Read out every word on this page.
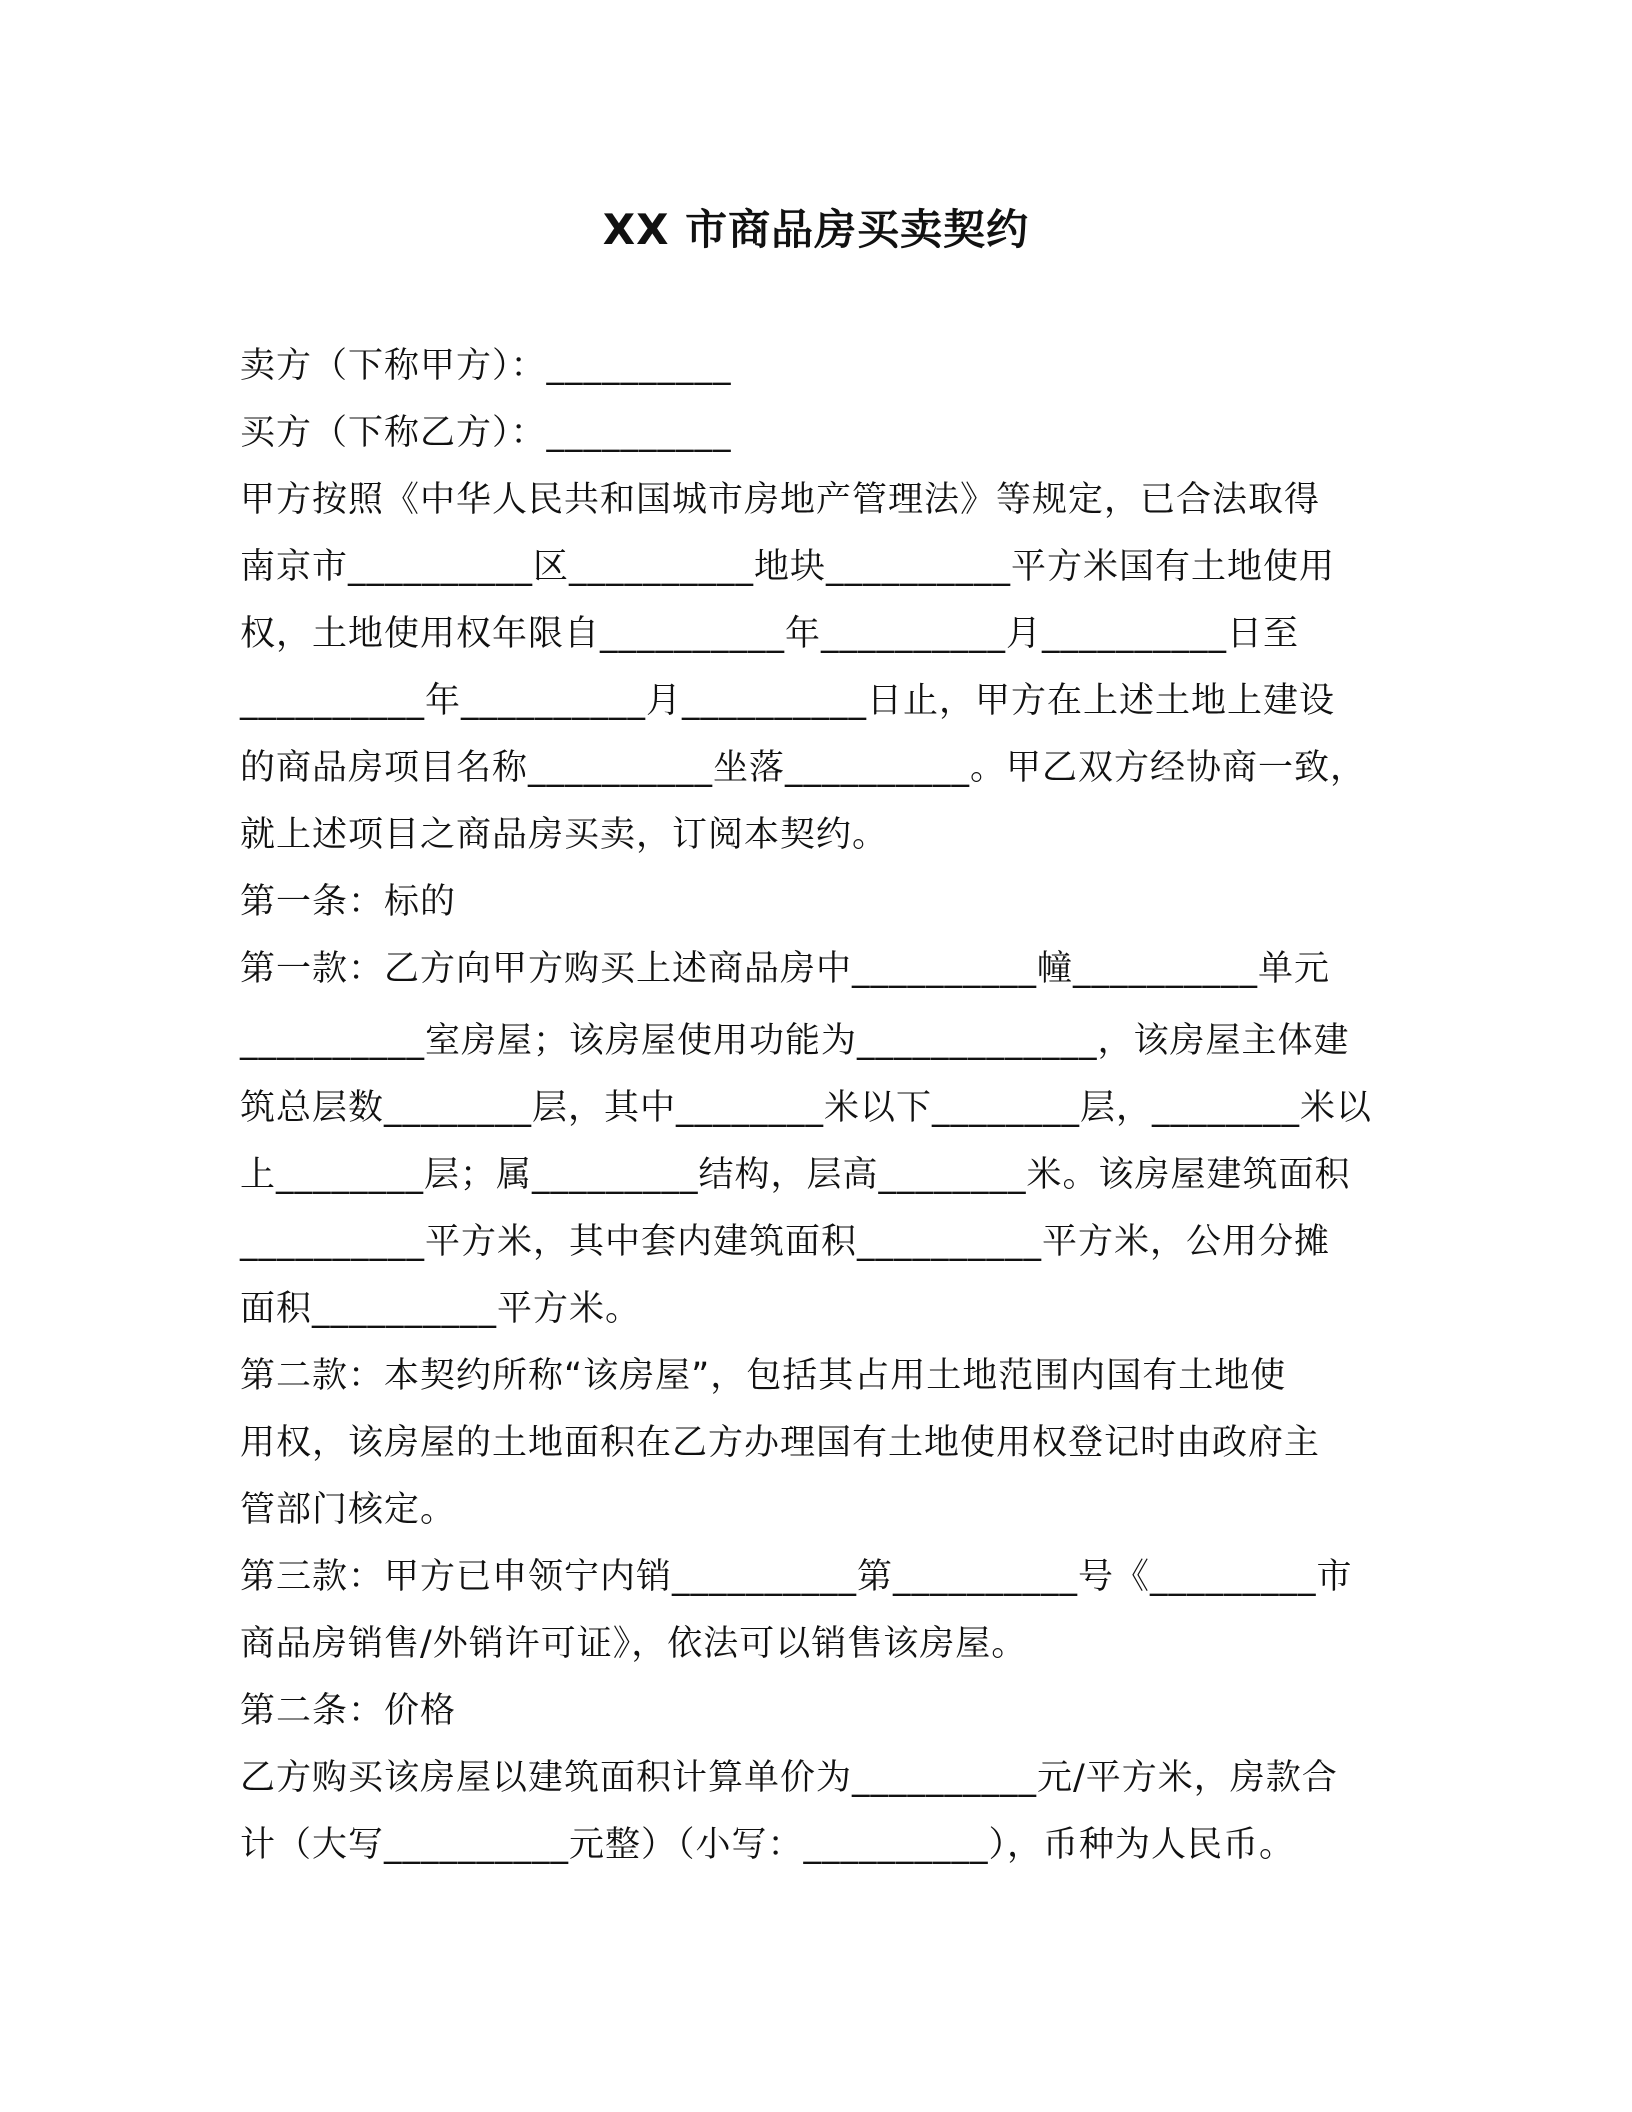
XX 市商品房买卖契约
卖方（下称甲方）：__________
买方（下称乙方）：__________
甲方按照《中华人民共和国城市房地产管理法》等规定，已合法取得
南京市__________区__________地块__________平方米国有土地使用
权，土地使用权年限自__________年__________月__________日至
__________年__________月__________日止，甲方在上述土地上建设
的商品房项目名称__________坐落__________。甲乙双方经协商一致，
就上述项目之商品房买卖，订阅本契约。
第一条：标的
第一款：乙方向甲方购买上述商品房中__________幢__________单元
__________室房屋；该房屋使用功能为_____________，该房屋主体建
筑总层数________层，其中________米以下________层，________米以
上________层；属_________结构，层高________米。该房屋建筑面积
__________平方米，其中套内建筑面积__________平方米，公用分摊
面积__________平方米。
第二款：本契约所称“该房屋”，包括其占用土地范围内国有土地使
用权，该房屋的土地面积在乙方办理国有土地使用权登记时由政府主
管部门核定。
第三款：甲方已申领宁内销__________第__________号《_________市
商品房销售/外销许可证》，依法可以销售该房屋。
第二条：价格
乙方购买该房屋以建筑面积计算单价为__________元/平方米，房款合
计（大写__________元整）（小写：__________），币种为人民币。
